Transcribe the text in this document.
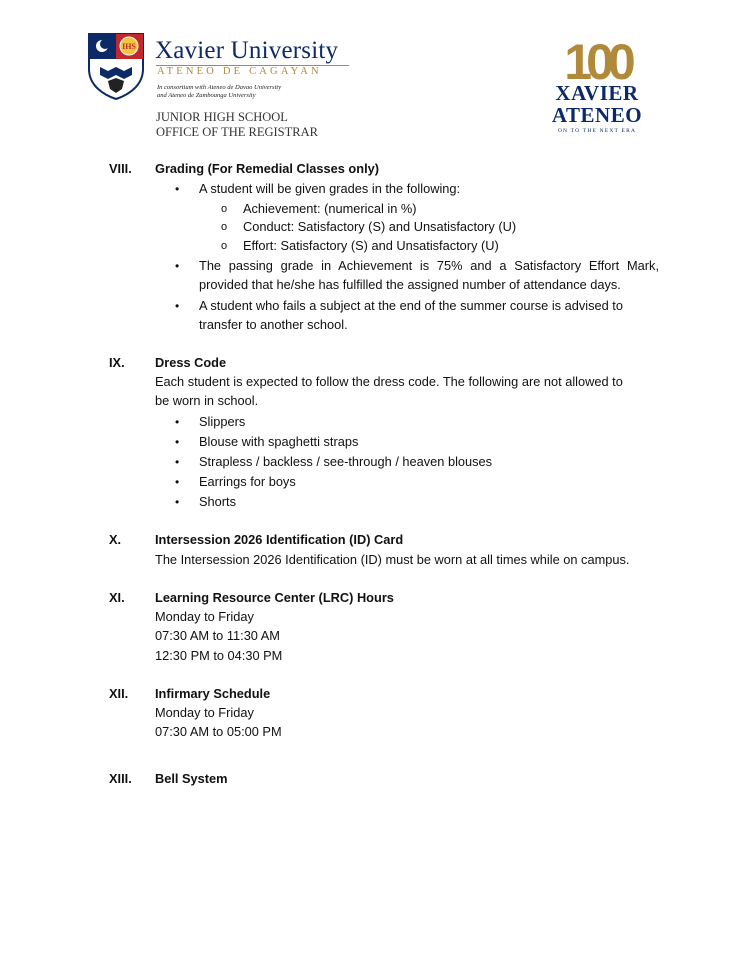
IHS Xavier University
ATENEO DE CAGAYAN
In consortium with Ateneo de Davao University
and Ateneo de Zamboanga University
JUNIOR HIGH SCHOOL
OFFICE OF THE REGISTRAR
100
XAVIER
ATENEO
ON TO THE NEXT ERA
VIII. Grading (For Remedial Classes only)
• A student will be given grades in the following:
o Achievement: (numerical in %)
o Conduct: Satisfactory (S) and Unsatisfactory (U)
o Effort: Satisfactory (S) and Unsatisfactory (U)
• The passing grade in Achievement is 75% and a Satisfactory Effort Mark,
provided that he/she has fulfilled the assigned number of attendance days.
• A student who fails a subject at the end of the summer course is advised to
transfer to another school.
IX. Dress Code
Each student is expected to follow the dress code. The following are not allowed to
be worn in school.
• Slippers
• Blouse with spaghetti straps
• Strapless / backless / see-through / heaven blouses
• Earrings for boys
• Shorts
X.	Intersession 2026 Identification (ID) Card
The Intersession 2026 Identification (ID) must be worn at all times while on campus.
XI. Learning Resource Center (LRC) Hours
Monday to Friday
07:30 AM to 11:30 AM
12:30 PM to 04:30 PM
XII. Infirmary Schedule
Monday to Friday
07:30 AM to 05:00 PM
XIII. Bell System
